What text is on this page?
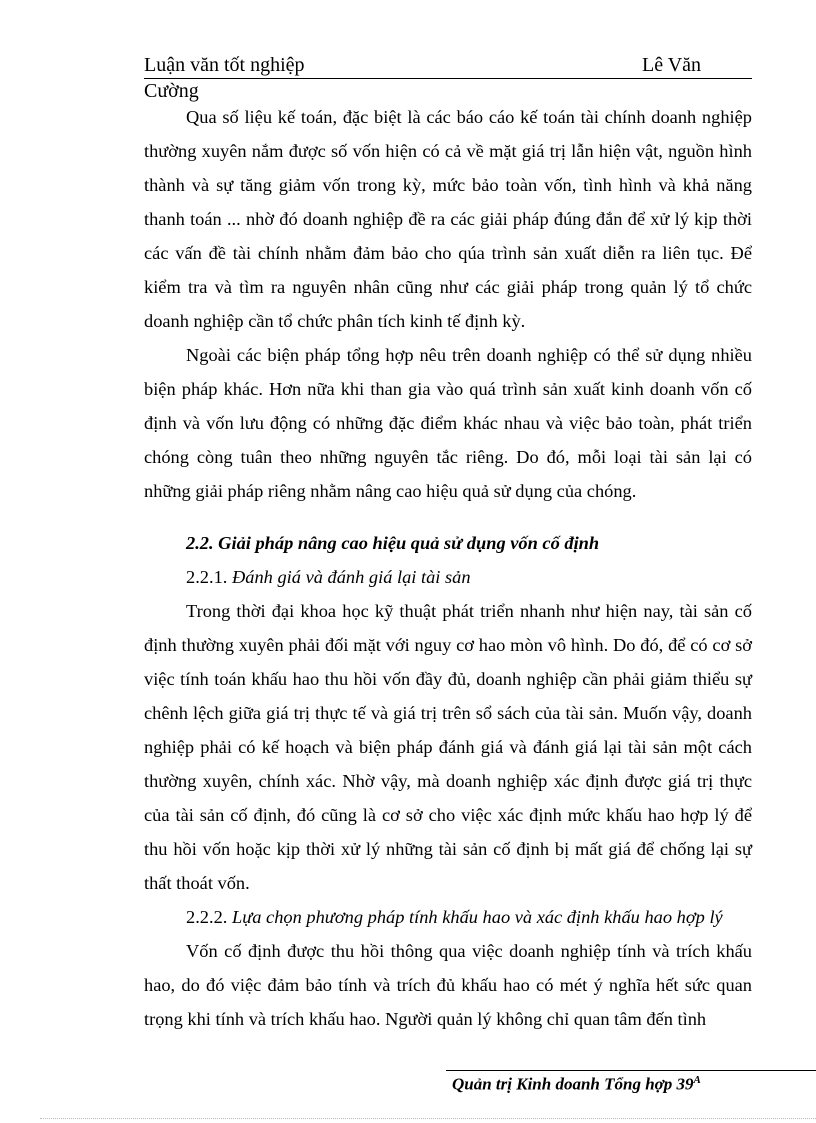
Luận văn tốt nghiệp	Lê Văn
Cường

Qua số liệu kế toán, đặc biệt là các báo cáo kế toán tài chính doanh nghiệp thường xuyên nắm được số vốn hiện có cả về mặt giá trị lẫn hiện vật, nguồn hình thành và sự tăng giảm vốn trong kỳ, mức bảo toàn vốn, tình hình và khả năng thanh toán ... nhờ đó doanh nghiệp đề ra các giải pháp đúng đắn để xử lý kịp thời các vấn đề tài chính nhằm đảm bảo cho qúa trình sản xuất diễn ra liên tục. Để kiểm tra và tìm ra nguyên nhân cũng như các giải pháp trong quản lý tổ chức doanh nghiệp cần tổ chức phân tích kinh tế định kỳ.

Ngoài các biện pháp tổng hợp nêu trên doanh nghiệp có thể sử dụng nhiều biện pháp khác. Hơn nữa khi than gia vào quá trình sản xuất kinh doanh vốn cố định và vốn lưu động có những đặc điểm khác nhau và việc bảo toàn, phát triển chóng còng tuân theo những nguyên tắc riêng. Do đó, mỗi loại tài sản lại có những giải pháp riêng nhằm nâng cao hiệu quả sử dụng của chóng.

2.2. Giải pháp nâng cao hiệu quả sử dụng vốn cố định
2.2.1. Đánh giá và đánh giá lại tài sản

Trong thời đại khoa học kỹ thuật phát triển nhanh như hiện nay, tài sản cố định thường xuyên phải đối mặt với nguy cơ hao mòn vô hình. Do đó, để có cơ sở việc tính toán khấu hao thu hồi vốn đầy đủ, doanh nghiệp cần phải giảm thiểu sự chênh lệch giữa giá trị thực tế và giá trị trên sổ sách của tài sản. Muốn vậy, doanh nghiệp phải có kế hoạch và biện pháp đánh giá và đánh giá lại tài sản một cách thường xuyên, chính xác. Nhờ vậy, mà doanh nghiệp xác định được giá trị thực của tài sản cố định, đó cũng là cơ sở cho việc xác định mức khấu hao hợp lý để thu hồi vốn hoặc kịp thời xử lý những tài sản cố định bị mất giá để chống lại sự thất thoát vốn.

2.2.2. Lựa chọn phương pháp tính khấu hao và xác định khấu hao hợp lý

Vốn cố định được thu hồi thông qua việc doanh nghiệp tính và trích khấu hao, do đó việc đảm bảo tính và trích đủ khấu hao có mét ý nghĩa hết sức quan trọng khi tính và trích khấu hao. Người quản lý không chỉ quan tâm đến tình

Quản trị Kinh doanh Tổng hợp $39^A$
